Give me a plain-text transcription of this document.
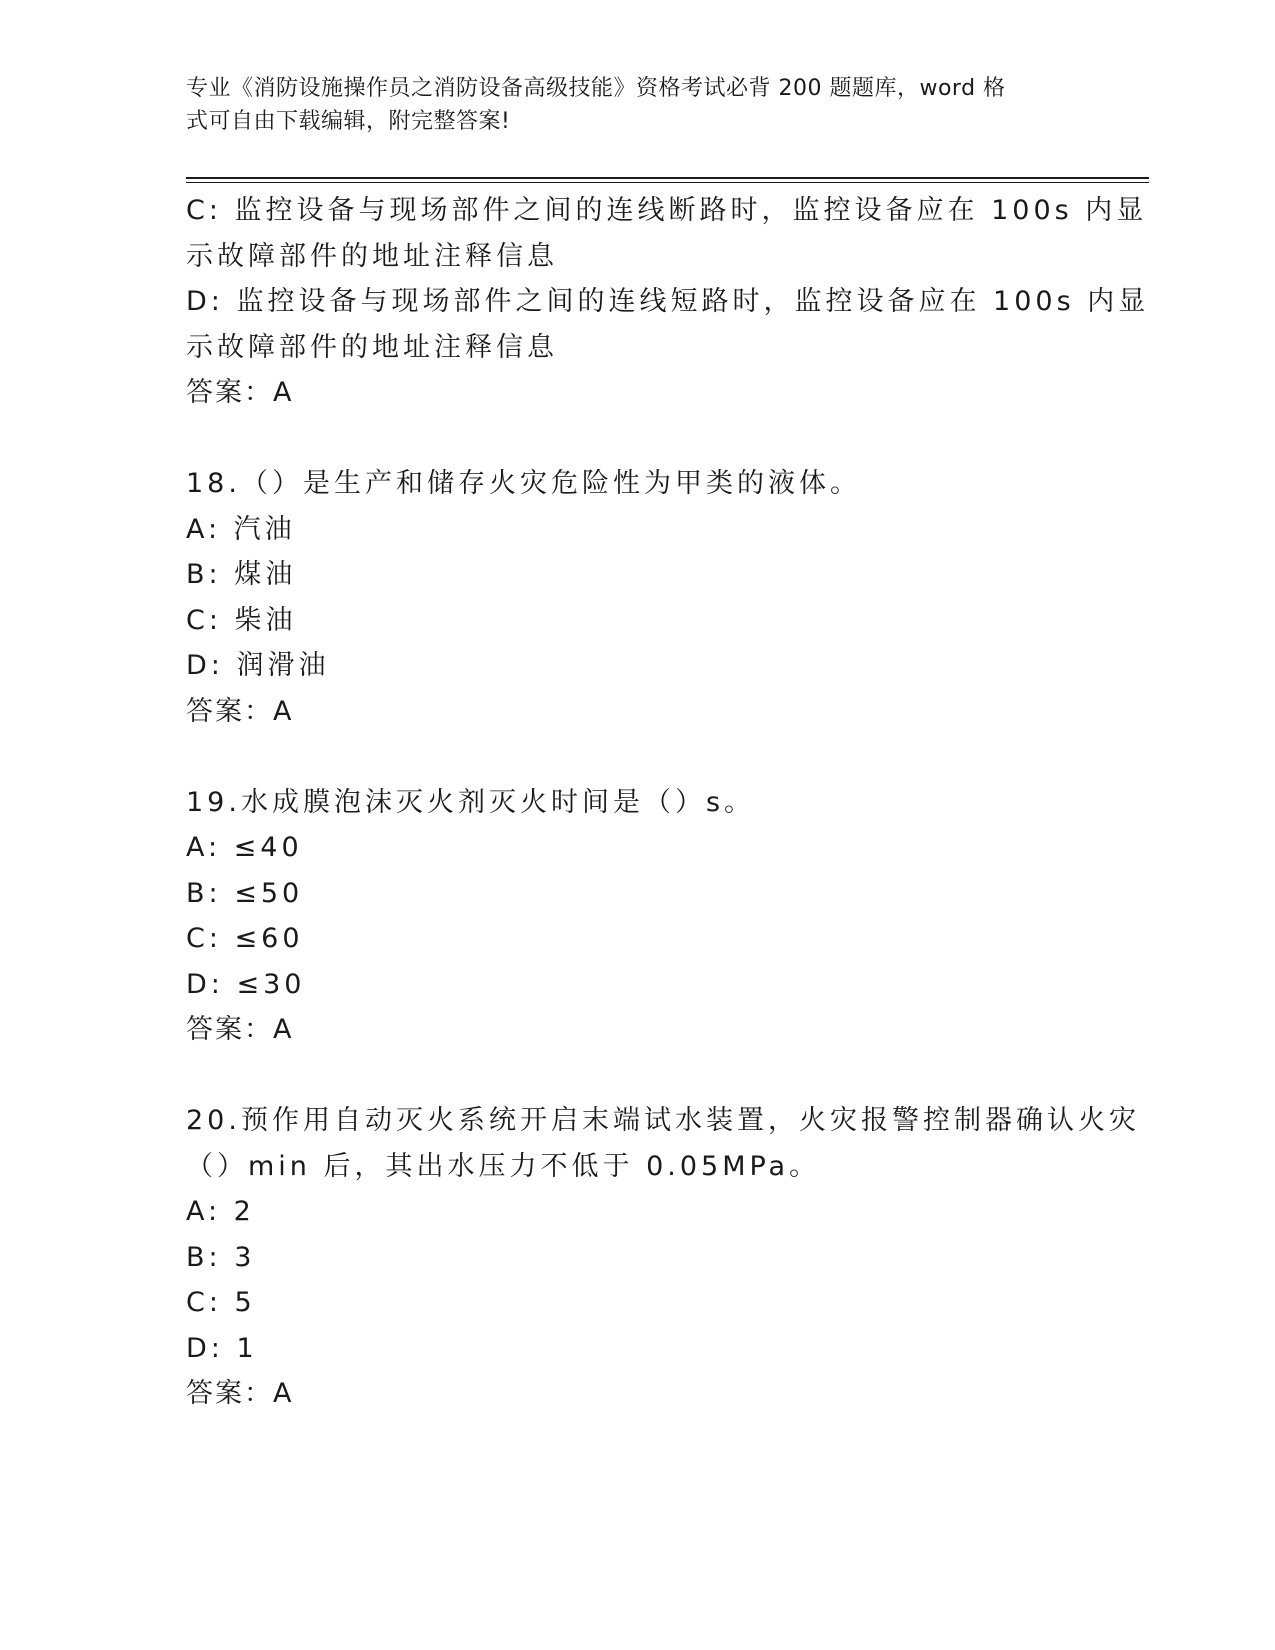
专业《消防设施操作员之消防设备高级技能》资格考试必背 200 题题库，word 格
式可自由下载编辑，附完整答案!
C: 监控设备与现场部件之间的连线断路时，监控设备应在 100s 内显
示故障部件的地址注释信息
D: 监控设备与现场部件之间的连线短路时，监控设备应在 100s 内显
示故障部件的地址注释信息
答案：A
18.（）是生产和储存火灾危险性为甲类的液体。
A: 汽油
B: 煤油
C: 柴油
D: 润滑油
答案：A
19.水成膜泡沫灭火剂灭火时间是（）s。
A: ≤40
B: ≤50
C: ≤60
D: ≤30
答案：A
20.预作用自动灭火系统开启末端试水装置，火灾报警控制器确认火灾
（）min 后，其出水压力不低于 0.05MPa。
A: 2
B: 3
C: 5
D: 1
答案：A
